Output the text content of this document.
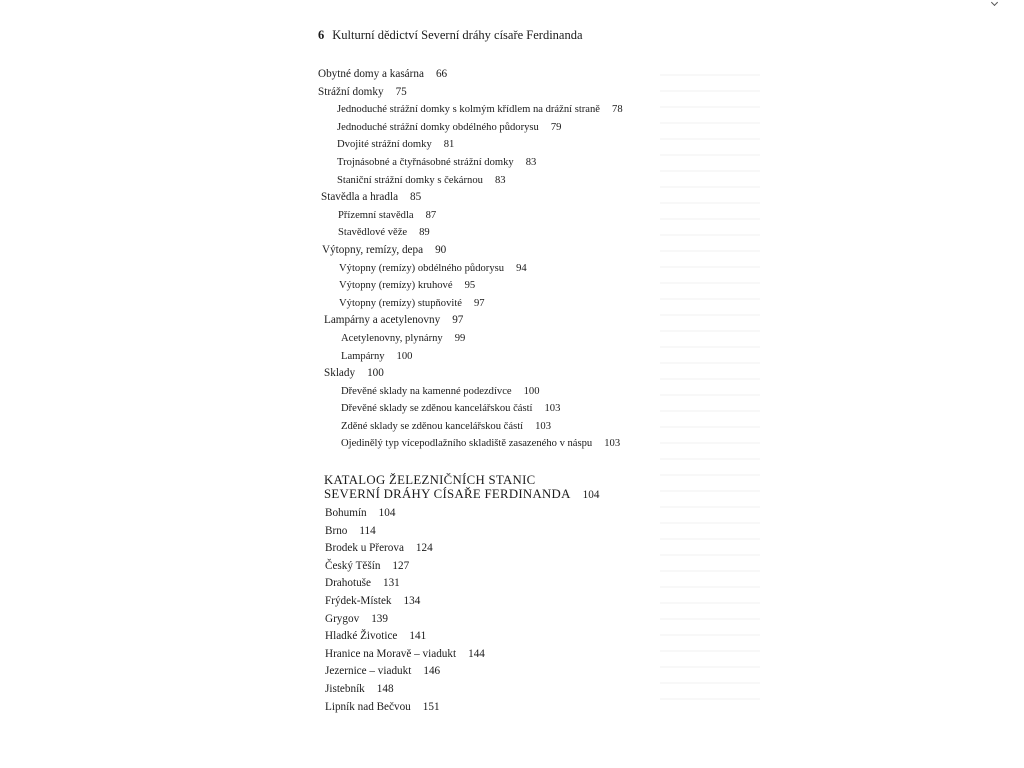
6 Kulturní dědictví Severní dráhy císaře Ferdinanda
Obytné domy a kasárna 66
Strážní domky 75
Jednoduché strážní domky s kolmým křídlem na drážní straně 78
Jednoduché strážní domky obdélného půdorysu 79
Dvojité strážní domky 81
Trojnásobné a čtyřnásobné strážní domky 83
Staniční strážní domky s čekárnou 83
Stavědla a hradla 85
Přízemní stavědla 87
Stavědlové věže 89
Výtopny, remízy, depa 90
Výtopny (remízy) obdélného půdorysu 94
Výtopny (remízy) kruhové 95
Výtopny (remízy) stupňovité 97
Lampárny a acetylenovny 97
Acetylenovny, plynárny 99
Lampárny 100
Sklady 100
Dřevěné sklady na kamenné podezdívce 100
Dřevěné sklady se zděnou kancelářskou částí 103
Zděné sklady se zděnou kancelářskou částí 103
Ojedinělý typ vícepodlažního skladiště zasazeného v náspu 103
KATALOG ŽELEZNIČNÍCH STANIC
SEVERNÍ DRÁHY CÍSAŘE FERDINANDA 104
Bohumín 104
Brno 114
Brodek u Přerova 124
Český Těšín 127
Drahotuše 131
Frýdek-Místek 134
Grygov 139
Hladké Životice 141
Hranice na Moravě – viadukt 144
Jezernice – viadukt 146
Jistebník 148
Lipník nad Bečvou 151
